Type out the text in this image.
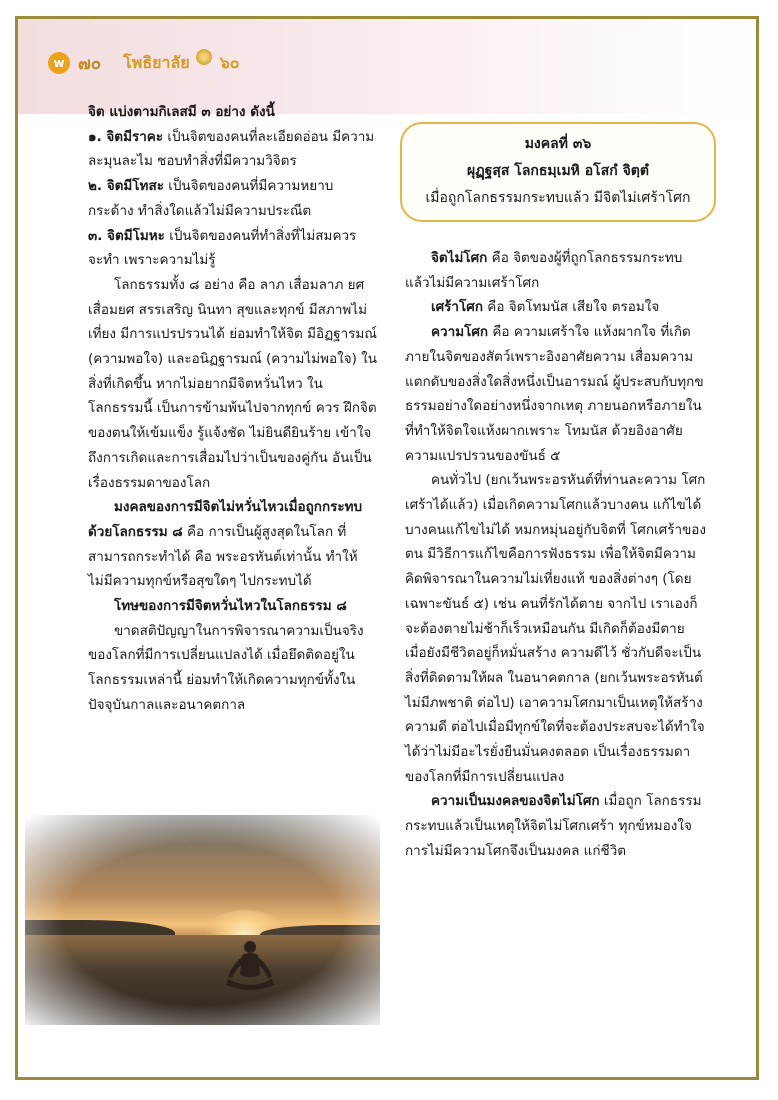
w ๗๐ โพธิยาลัย ๖๐

จิต แบ่งตามกิเลสมี ๓ อย่าง ดังนี้

๑. จิตมีราคะ เป็นจิตของคนที่ละเอียดอ่อน มีความละมุนละไม ชอบทำสิ่งที่มีความวิจิตร

๒. จิตมีโทสะ เป็นจิตของคนที่มีความหยาบ กระด้าง ทำสิ่งใดแล้วไม่มีความประณีต

๓. จิตมีโมหะ เป็นจิตของคนที่ทำสิ่งที่ไม่สมควร จะทำ เพราะความไม่รู้

โลกธรรมทั้ง ๘ อย่าง คือ ลาภ เสื่อมลาภ ยศ เสื่อมยศ สรรเสริญ นินทา สุขและทุกข์ มีสภาพไม่เที่ยง มีการแปรปรวนได้ ย่อมทำให้จิต มีอิฏฐารมณ์ (ความพอใจ) และอนิฏฐารมณ์ (ความไม่พอใจ) ในสิ่งที่เกิดขึ้น หากไม่อยากมีจิตหวั่นไหว ในโลกธรรมนี้ เป็นการข้ามพ้นไปจากทุกข์ ควร ฝึกจิตของตนให้เข้มแข็ง รู้แจ้งชัด ไม่ยินดียินร้าย เข้าใจถึงการเกิดและการเสื่อมไปว่าเป็นของคู่กัน อันเป็นเรื่องธรรมดาของโลก

มงคลของการมีจิตไม่หวั่นไหวเมื่อถูกกระทบด้วยโลกธรรม ๘ คือ การเป็นผู้สูงสุดในโลก ที่สามารถกระทำได้ คือ พระอรหันต์เท่านั้น ทำให้ ไม่มีความทุกข์หรือสุขใดๆ ไปกระทบได้

โทษของการมีจิตหวั่นไหวในโลกธรรม ๘

ขาดสติปัญญาในการพิจารณาความเป็นจริง ของโลกที่มีการเปลี่ยนแปลงได้ เมื่อยึดติดอยู่ใน โลกธรรมเหล่านี้ ย่อมทำให้เกิดความทุกข์ทั้งใน ปัจจุบันกาลและอนาคตกาล

มงคลที่ ๓๖
ผุฏฺฐสฺส โลกธมฺเมหิ อโสกํ จิตฺตํ
เมื่อถูกโลกธรรมกระทบแล้ว มีจิตไม่เศร้าโศก

จิตไม่โศก คือ จิตของผู้ที่ถูกโลกธรรมกระทบ แล้วไม่มีความเศร้าโศก

เศร้าโศก คือ จิตโทมนัส เสียใจ ตรอมใจ

ความโศก คือ ความเศร้าใจ แห้งผากใจ ที่เกิดภายในจิตของสัตว์เพราะอิงอาศัยความ เสื่อมความแตกดับของสิ่งใดสิ่งหนึ่งเป็นอารมณ์ ผู้ประสบกับทุกขธรรมอย่างใดอย่างหนึ่งจากเหตุ ภายนอกหรือภายในที่ทำให้จิตใจแห้งผากเพราะ โทมนัส ด้วยอิงอาศัยความแปรปรวนของขันธ์ ๕

คนทั่วไป (ยกเว้นพระอรหันต์ที่ท่านละความ โศกเศร้าได้แล้ว) เมื่อเกิดความโศกแล้วบางคน แก้ไขได้ บางคนแก้ไขไม่ได้ หมกหมุ่นอยู่กับจิตที่ โศกเศร้าของตน มีวิธีการแก้ไขคือการฟังธรรม เพื่อให้จิตมีความคิดพิจารณาในความไม่เที่ยงแท้ ของสิ่งต่างๆ (โดยเฉพาะขันธ์ ๕) เช่น คนที่รักได้ตาย จากไป เราเองก็จะต้องตายไม่ช้าก็เร็วเหมือนกัน มีเกิดก็ต้องมีตาย เมื่อยังมีชีวิตอยู่ก็หมั่นสร้าง ความดีไว้ ชั่วกับดีจะเป็นสิ่งที่ติดตามให้ผล ในอนาคตกาล (ยกเว้นพระอรหันต์ไม่มีภพชาติ ต่อไป) เอาความโศกมาเป็นเหตุให้สร้างความดี ต่อไปเมื่อมีทุกข์ใดที่จะต้องประสบจะได้ทำใจ ได้ว่าไม่มีอะไรยั่งยืนมั่นคงตลอด เป็นเรื่องธรรมดา ของโลกที่มีการเปลี่ยนแปลง

ความเป็นมงคลของจิตไม่โศก เมื่อถูก โลกธรรมกระทบแล้วเป็นเหตุให้จิตไม่โศกเศร้า ทุกข์หมองใจ การไม่มีความโศกจึงเป็นมงคล แก่ชีวิต
